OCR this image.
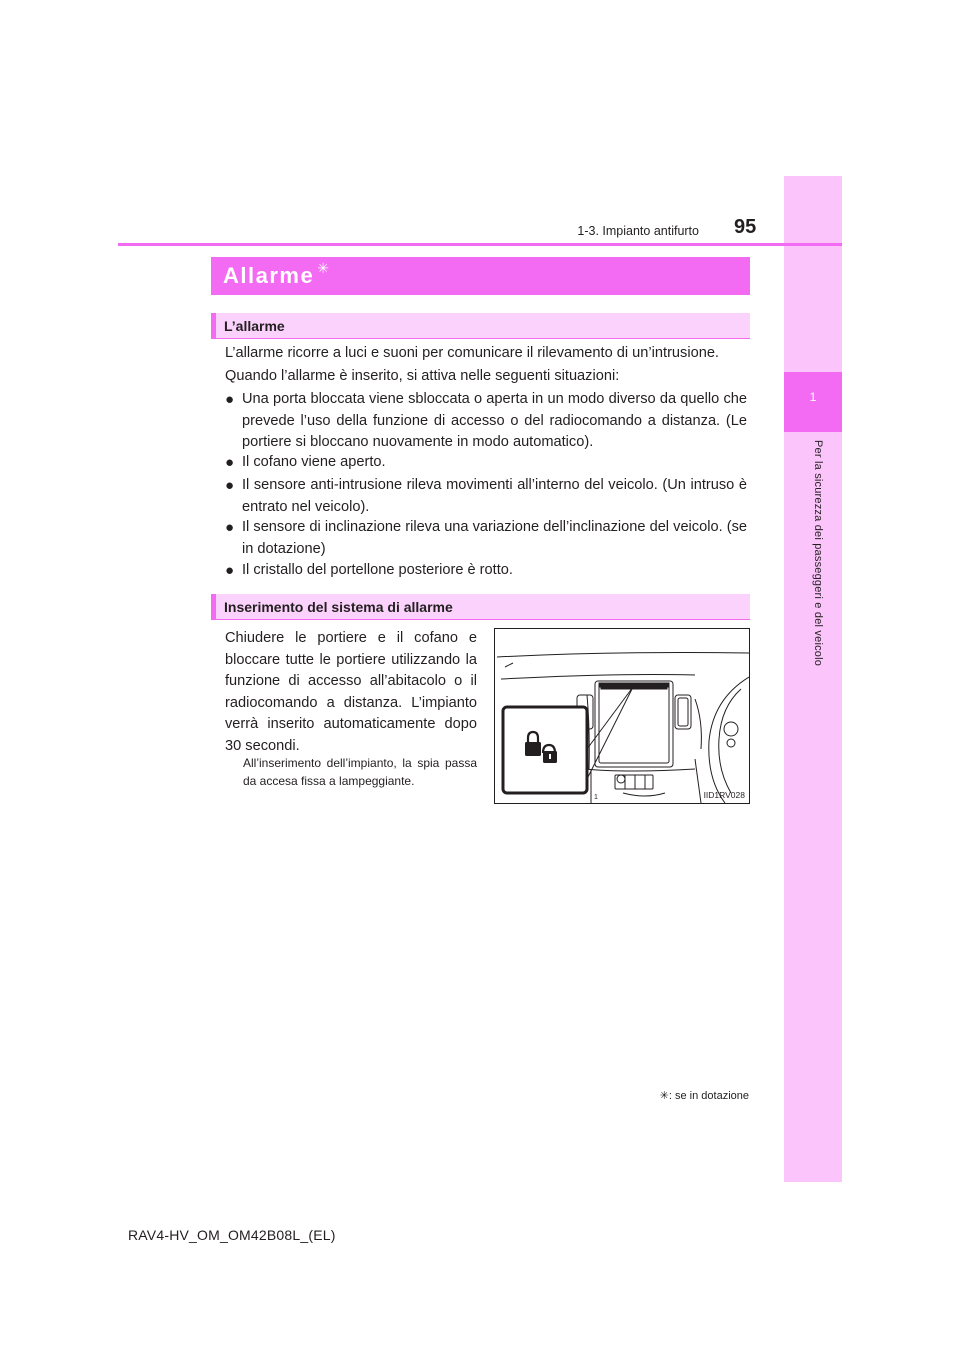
1
Per la sicurezza dei passeggeri e del veicolo
1-3. Impianto antifurto 95
Allarme ✳
L’allarme
L’allarme ricorre a luci e suoni per comunicare il rilevamento di un’intrusione.
Quando l’allarme è inserito, si attiva nelle seguenti situazioni:
● Una porta bloccata viene sbloccata o aperta in un modo diverso da quello che prevede l’uso della funzione di accesso o del radiocomando a distanza. (Le portiere si bloccano nuovamente in modo automatico).
● Il cofano viene aperto.
● Il sensore anti-intrusione rileva movimenti all’interno del veicolo. (Un intruso è entrato nel veicolo).
● Il sensore di inclinazione rileva una variazione dell’inclinazione del veicolo. (se in dotazione)
● Il cristallo del portellone posteriore è rotto.
Inserimento del sistema di allarme
Chiudere le portiere e il cofano e bloccare tutte le portiere utilizzando la funzione di accesso all’abitacolo o il radiocomando a distanza. L’impianto verrà inserito automaticamente dopo 30 secondi.
All’inserimento dell’impianto, la spia passa da accesa fissa a lampeggiante.
1	IID1RV028
✳: se in dotazione
RAV4-HV_OM_OM42B08L_(EL)
